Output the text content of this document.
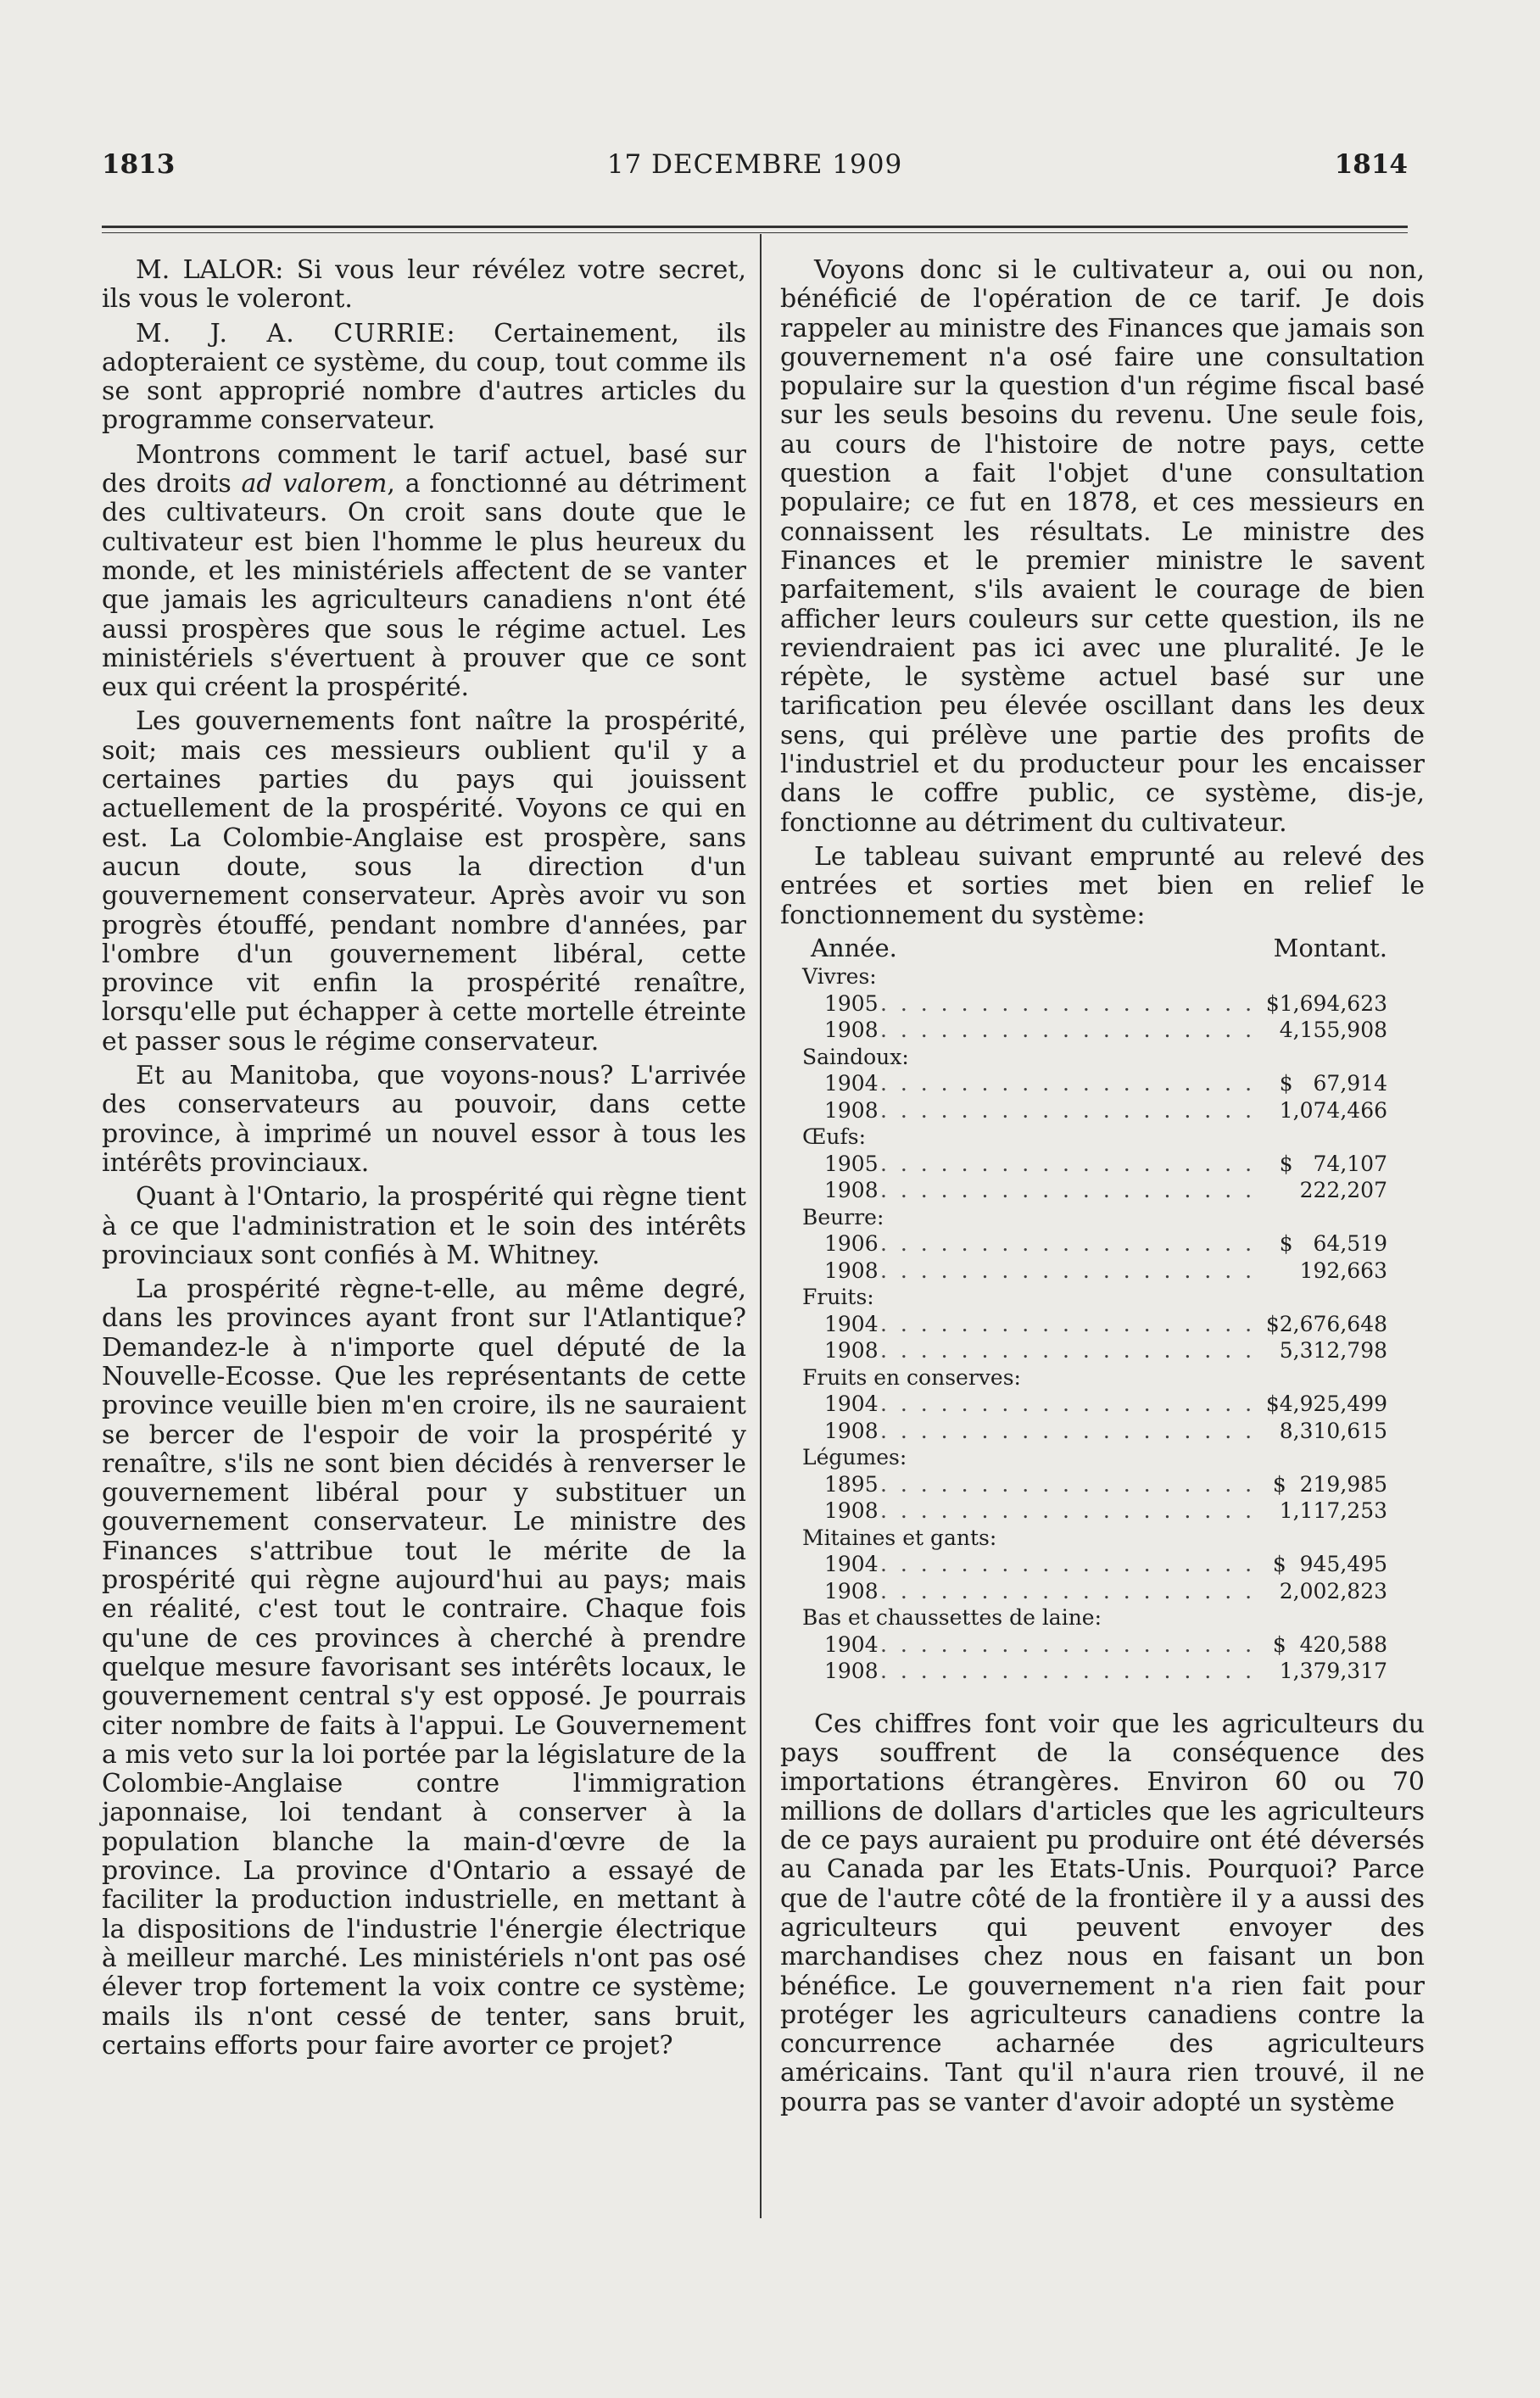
1813	17 DECEMBRE 1909	1814

M. LALOR: Si vous leur révélez votre secret, ils vous le voleront.

M. J. A. CURRIE: Certainement, ils adopteraient ce système, du coup, tout comme ils se sont approprié nombre d'autres articles du programme conservateur.

Montrons comment le tarif actuel, basé sur des droits ad valorem, a fonctionné au détriment des cultivateurs. On croit sans doute que le cultivateur est bien l'homme le plus heureux du monde, et les ministériels affectent de se vanter que jamais les agriculteurs canadiens n'ont été aussi prospères que sous le régime actuel. Les ministériels s'évertuent à prouver que ce sont eux qui créent la prospérité.

Les gouvernements font naître la prospérité, soit; mais ces messieurs oublient qu'il y a certaines parties du pays qui jouissent actuellement de la prospérité. Voyons ce qui en est. La Colombie-Anglaise est prospère, sans aucun doute, sous la direction d'un gouvernement conservateur. Après avoir vu son progrès étouffé, pendant nombre d'années, par l'ombre d'un gouvernement libéral, cette province vit enfin la prospérité renaître, lorsqu'elle put échapper à cette mortelle étreinte et passer sous le régime conservateur.

Et au Manitoba, que voyons-nous? L'arrivée des conservateurs au pouvoir, dans cette province, à imprimé un nouvel essor à tous les intérêts provinciaux.

Quant à l'Ontario, la prospérité qui règne tient à ce que l'administration et le soin des intérêts provinciaux sont confiés à M. Whitney.

La prospérité règne-t-elle, au même degré, dans les provinces ayant front sur l'Atlantique? Demandez-le à n'importe quel député de la Nouvelle-Ecosse. Que les représentants de cette province veuille bien m'en croire, ils ne sauraient se bercer de l'espoir de voir la prospérité y renaître, s'ils ne sont bien décidés à renverser le gouvernement libéral pour y substituer un gouvernement conservateur. Le ministre des Finances s'attribue tout le mérite de la prospérité qui règne aujourd'hui au pays; mais en réalité, c'est tout le contraire. Chaque fois qu'une de ces provinces à cherché à prendre quelque mesure favorisant ses intérêts locaux, le gouvernement central s'y est opposé. Je pourrais citer nombre de faits à l'appui. Le Gouvernement a mis veto sur la loi portée par la législature de la Colombie-Anglaise contre l'immigration japonnaise, loi tendant à conserver à la population blanche la main-d'œvre de la province. La province d'Ontario a essayé de faciliter la production industrielle, en mettant à la dispositions de l'industrie l'énergie électrique à meilleur marché. Les ministériels n'ont pas osé élever trop fortement la voix contre ce système; mails ils n'ont cessé de tenter, sans bruit, certains efforts pour faire avorter ce projet?

Voyons donc si le cultivateur a, oui ou non, bénéficié de l'opération de ce tarif. Je dois rappeler au ministre des Finances que jamais son gouvernement n'a osé faire une consultation populaire sur la question d'un régime fiscal basé sur les seuls besoins du revenu. Une seule fois, au cours de l'histoire de notre pays, cette question a fait l'objet d'une consultation populaire; ce fut en 1878, et ces messieurs en connaissent les résultats. Le ministre des Finances et le premier ministre le savent parfaitement, s'ils avaient le courage de bien afficher leurs couleurs sur cette question, ils ne reviendraient pas ici avec une pluralité. Je le répète, le système actuel basé sur une tarification peu élevée oscillant dans les deux sens, qui prélève une partie des profits de l'industriel et du producteur pour les encaisser dans le coffre public, ce système, dis-je, fonctionne au détriment du cultivateur.

Le tableau suivant emprunté au relevé des entrées et sorties met bien en relief le fonctionnement du système:

Année.	Montant.
Vivres:
1905 . . .	$1,694,623
1908 . . .	4,155,908
Saindoux:
1904 . . .	$   67,914
1908 . . .	1,074,466
Œufs:
1905 . . .	$   74,107
1908 . . .	222,207
Beurre:
1906 . . .	$   64,519
1908 . . .	192,663
Fruits:
1904 . . .	$2,676,648
1908 . . .	5,312,798
Fruits en conserves:
1904 . . .	$4,925,499
1908 . . .	8,310,615
Légumes:
1895 . . .	$  219,985
1908 . . .	1,117,253
Mitaines et gants:
1904 . . .	$  945,495
1908 . . .	2,002,823
Bas et chaussettes de laine:
1904 . . .	$  420,588
1908 . . .	1,379,317

Ces chiffres font voir que les agriculteurs du pays souffrent de la conséquence des importations étrangères. Environ 60 ou 70 millions de dollars d'articles que les agriculteurs de ce pays auraient pu produire ont été déversés au Canada par les Etats-Unis. Pourquoi? Parce que de l'autre côté de la frontière il y a aussi des agriculteurs qui peuvent envoyer des marchandises chez nous en faisant un bon bénéfice. Le gouvernement n'a rien fait pour protéger les agriculteurs canadiens contre la concurrence acharnée des agriculteurs américains. Tant qu'il n'aura rien trouvé, il ne pourra pas se vanter d'avoir adopté un système
